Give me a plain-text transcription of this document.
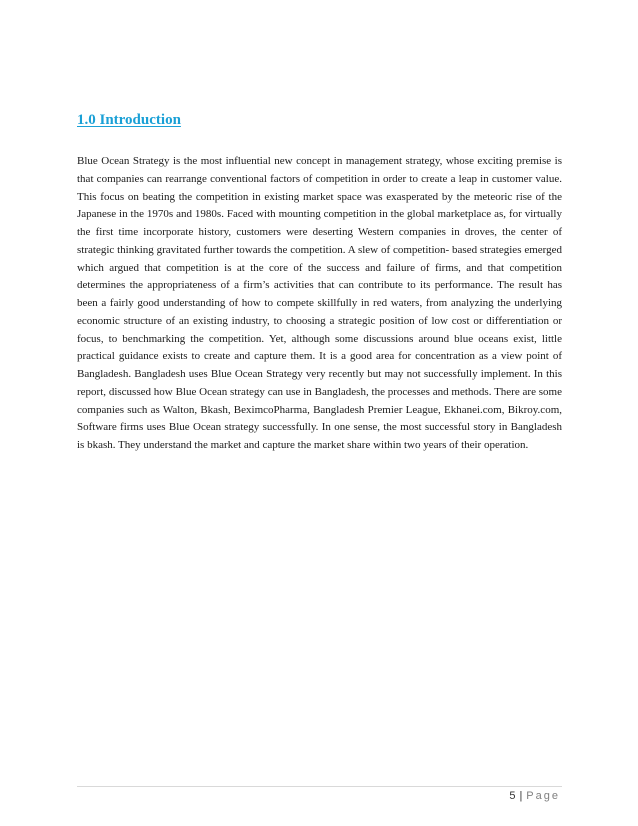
1.0 Introduction

Blue Ocean Strategy is the most influential new concept in management strategy, whose exciting premise is that companies can rearrange conventional factors of competition in order to create a leap in customer value. This focus on beating the competition in existing market space was exasperated by the meteoric rise of the Japanese in the 1970s and 1980s. Faced with mounting competition in the global marketplace as, for virtually the first time incorporate history, customers were deserting Western companies in droves, the center of strategic thinking gravitated further towards the competition. A slew of competition- based strategies emerged which argued that competition is at the core of the success and failure of firms, and that competition determines the appropriateness of a firm’s activities that can contribute to its performance. The result has been a fairly good understanding of how to compete skillfully in red waters, from analyzing the underlying economic structure of an existing industry, to choosing a strategic position of low cost or differentiation or focus, to benchmarking the competition. Yet, although some discussions around blue oceans exist, little practical guidance exists to create and capture them. It is a good area for concentration as a view point of Bangladesh. Bangladesh uses Blue Ocean Strategy very recently but may not successfully implement. In this report, discussed how Blue Ocean strategy can use in Bangladesh, the processes and methods. There are some companies such as Walton, Bkash, BeximcoPharma, Bangladesh Premier League, Ekhanei.com, Bikroy.com, Software firms uses Blue Ocean strategy successfully. In one sense, the most successful story in Bangladesh is bkash. They understand the market and capture the market share within two years of their operation.

5 | Page
